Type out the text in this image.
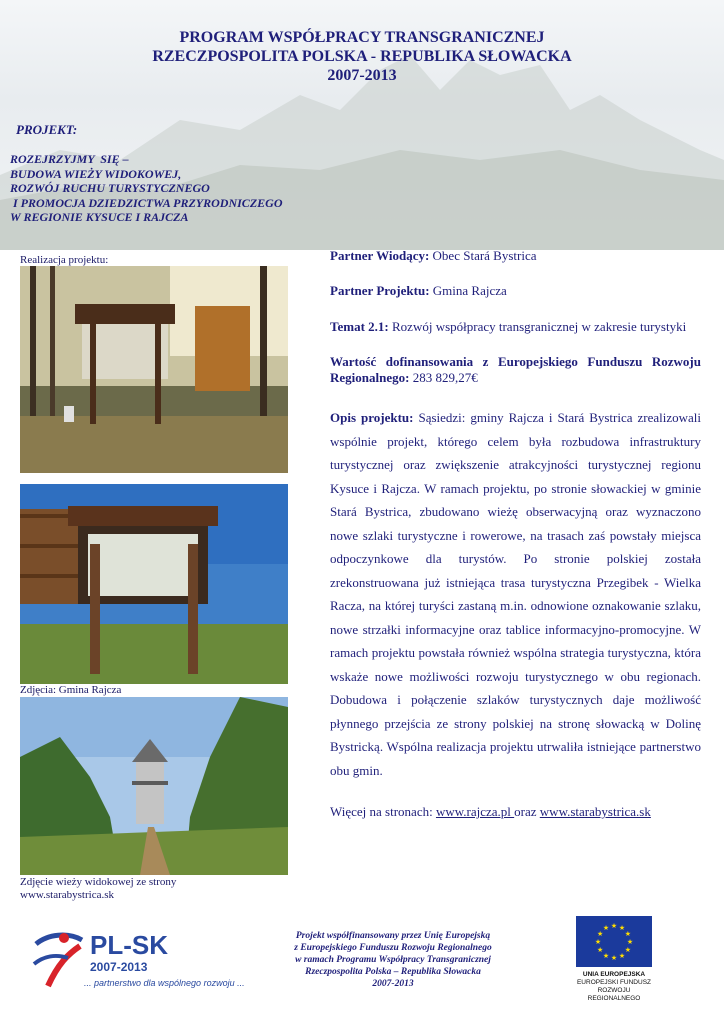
PROGRAM WSPÓŁPRACY TRANSGRANICZNEJ
RZECZPOSPOLITA POLSKA - REPUBLIKA SŁOWACKA
2007-2013
PROJEKT:
ROZEJRZYJMY  SIĘ –
BUDOWA WIEŻY WIDOKOWEJ,
ROZWÓJ RUCHU TURYSTYCZNEGO
I PROMOCJA DZIEDZICTWA PRZYRODNICZEGO
W REGIONIE KYSUCE I RAJCZA
Realizacja projektu:
Zdjęcia: Gmina Rajcza
Zdjęcie wieży widokowej ze strony
www.starabystrica.sk

Partner Wiodący: Obec Stará Bystrica

Partner Projektu: Gmina Rajcza

Temat 2.1: Rozwój współpracy transgranicznej w zakresie turystyki

Wartość dofinansowania z Europejskiego Funduszu Rozwoju Regionalnego: 283 829,27€

Opis projektu: Sąsiedzi: gminy Rajcza i Stará Bystrica zrealizowali wspólnie projekt, którego celem była rozbudowa infrastruktury turystycznej oraz zwiększenie atrakcyjności turystycznej regionu Kysuce i Rajcza. W ramach projektu, po stronie słowackiej w gminie Stará Bystrica, zbudowano wieżę obserwacyjną oraz wyznaczono nowe szlaki turystyczne i rowerowe, na trasach zaś powstały miejsca odpoczynkowe dla turystów. Po stronie polskiej została zrekonstruowana już istniejąca trasa turystyczna Przegibek - Wielka Racza, na której turyści zastaną m.in. odnowione oznakowanie szlaku, nowe strzałki informacyjne oraz tablice informacyjno-promocyjne. W ramach projektu powstała również wspólna strategia turystyczna, która wskaże nowe możliwości rozwoju turystycznego w obu regionach. Dobudowa i połączenie szlaków turystycznych daje możliwość płynnego przejścia ze strony polskiej na stronę słowacką w Dolinę Bystricką. Wspólna realizacja projektu utrwaliła istniejące partnerstwo obu gmin.

Więcej na stronach: www.rajcza.pl oraz www.starabystrica.sk

PL-SK
2007-2013
... partnerstwo dla wspólnego rozwoju ...
Projekt współfinansowany przez Unię Europejską
z Europejskiego Funduszu Rozwoju Regionalnego
w ramach Programu Współpracy Transgranicznej
Rzeczpospolita Polska – Republika Słowacka
2007-2013
★ ★
★
★
★
★
★
★
★
★
★
★
UNIA EUROPEJSKA
EUROPEJSKI FUNDUSZ
ROZWOJU REGIONALNEGO
